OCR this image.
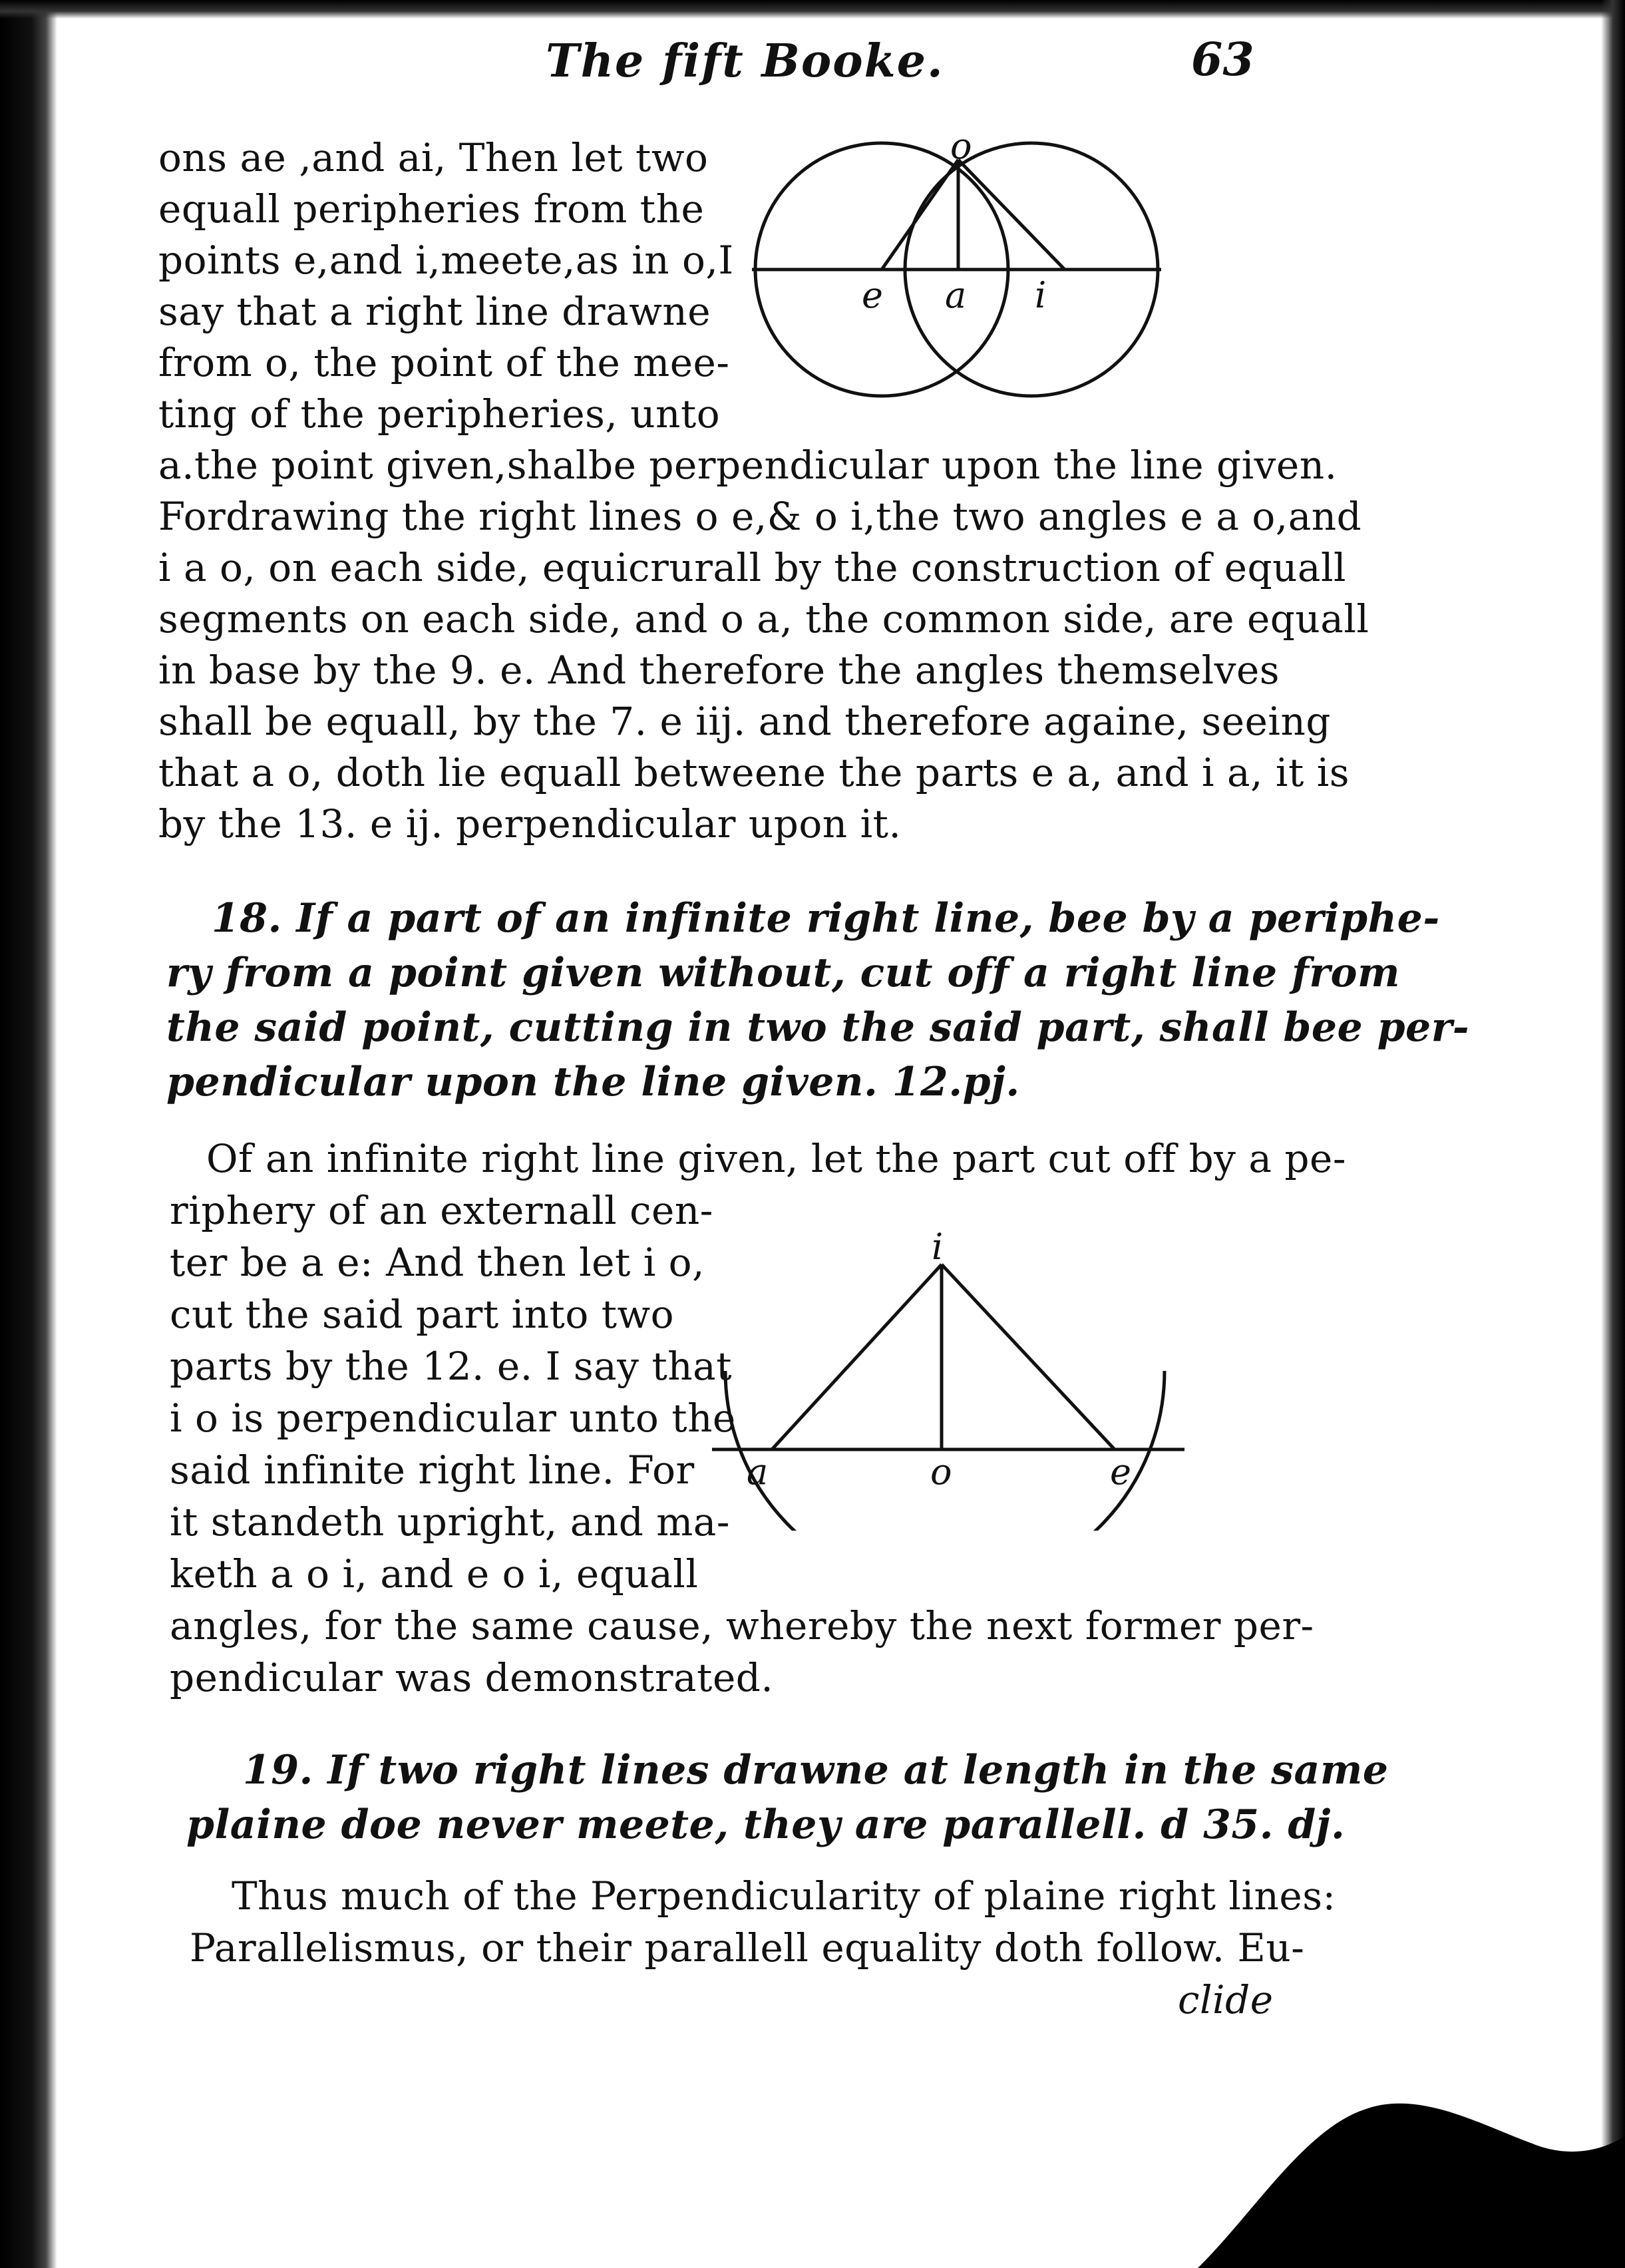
The fift Booke.	63
ons ae ,and ai, Then let two
equall peripheries from the
points e,and i,meete,as in o,I
say that a right line drawne
from o, the point of the mee-
ting of the peripheries, unto
a.the point given,shalbe perpendicular upon the line given.
Fordrawing the right lines o e,& o i,the two angles e a o,and
i a o, on each side, equicrurall by the construction of equall
segments on each side, and o a, the common side, are equall
in base by the 9. e. And therefore the angles themselves
shall be equall, by the 7. e iij. and therefore againe, seeing
that a o, doth lie equall betweene the parts e a, and i a, it is
by the 13. e ij. perpendicular upon it.
o
e a i
18. If a part of an infinite right line, bee by a periphe-
ry from a point given without, cut off a right line from
the said point, cutting in two the said part, shall bee per-
pendicular upon the line given. 12.pj.
Of an infinite right line given, let the part cut off by a pe-
riphery of an externall cen-
ter be a e: And then let i o,
cut the said part into two
parts by the 12. e. I say that
i o is perpendicular unto the
said infinite right line. For
it standeth upright, and ma-
keth a o i, and e o i, equall
angles, for the same cause, whereby the next former per-
pendicular was demonstrated.
i
a	o	e
19. If two right lines drawne at length in the same
plaine doe never meete, they are parallell. d 35. dj.
Thus much of the Perpendicularity of plaine right lines:
Parallelismus, or their parallell equality doth follow. Eu-
clide
